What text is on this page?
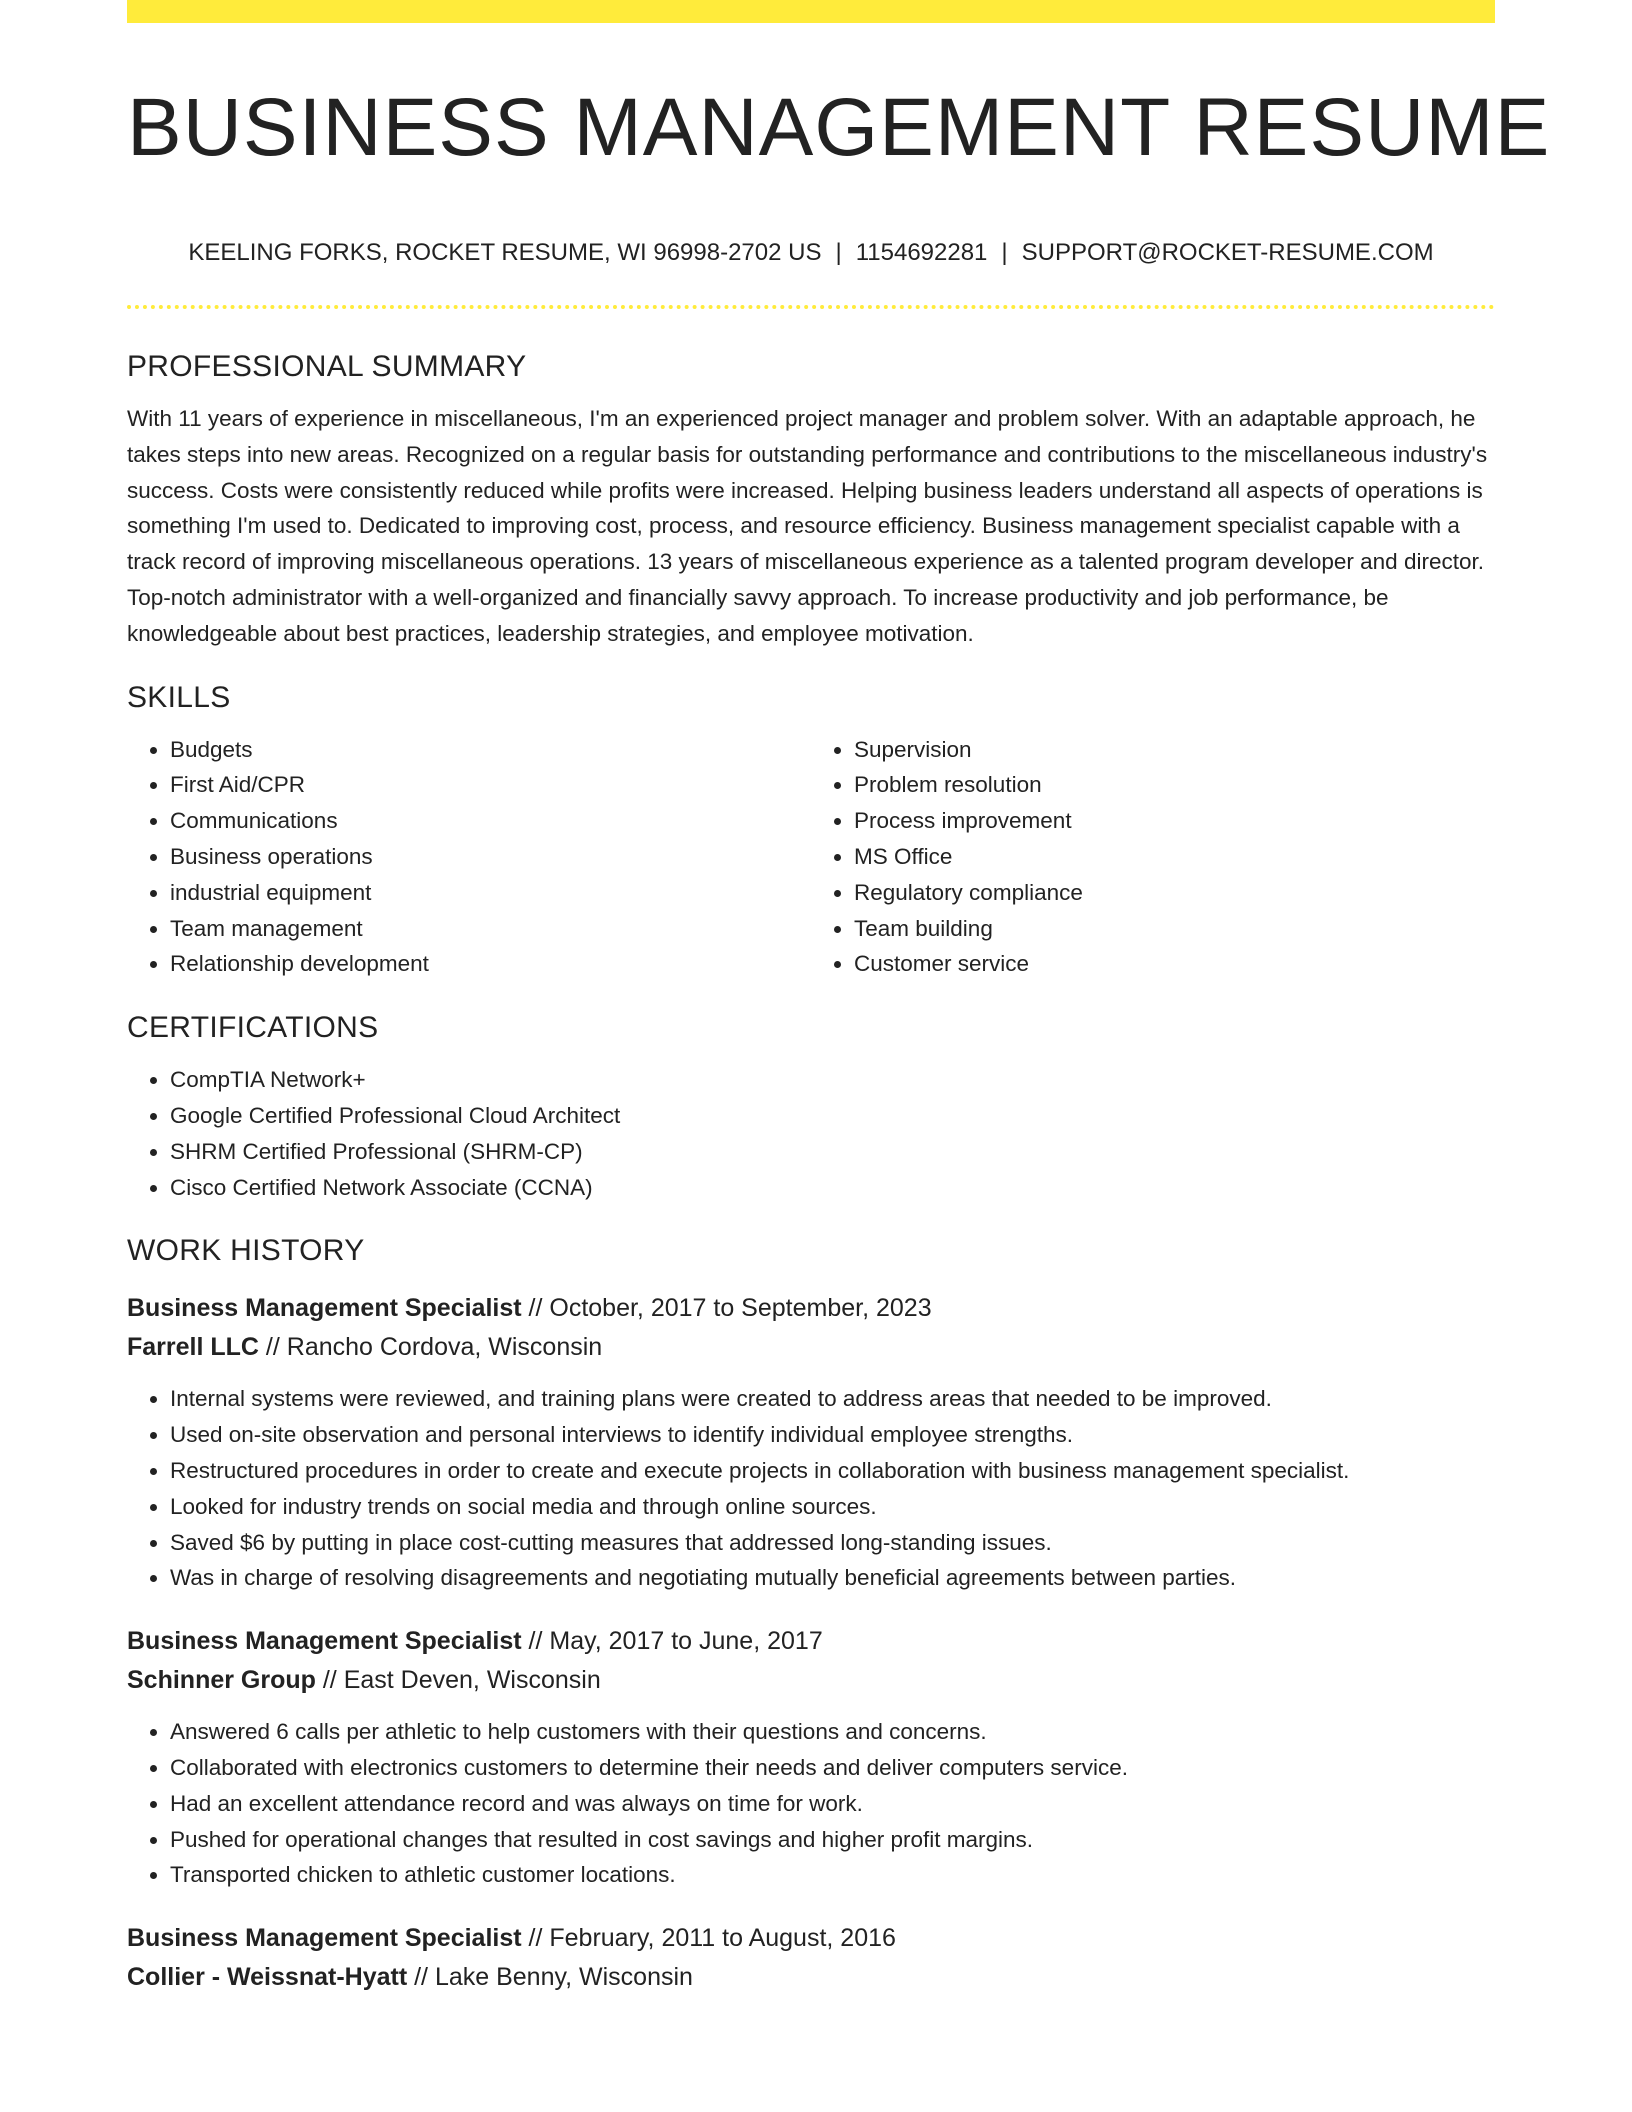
BUSINESS MANAGEMENT RESUME
KEELING FORKS, ROCKET RESUME, WI 96998-2702 US | 1154692281 | SUPPORT@ROCKET-RESUME.COM
PROFESSIONAL SUMMARY

With 11 years of experience in miscellaneous, I'm an experienced project manager and problem solver. With an adaptable approach, he takes steps into new areas. Recognized on a regular basis for outstanding performance and contributions to the miscellaneous industry's success. Costs were consistently reduced while profits were increased. Helping business leaders understand all aspects of operations is something I'm used to. Dedicated to improving cost, process, and resource efficiency. Business management specialist capable with a track record of improving miscellaneous operations. 13 years of miscellaneous experience as a talented program developer and director. Top-notch administrator with a well-organized and financially savvy approach. To increase productivity and job performance, be knowledgeable about best practices, leadership strategies, and employee motivation.

SKILLS
• Budgets
• First Aid/CPR
• Communications
• Business operations
• industrial equipment
• Team management
• Relationship development
• Supervision
• Problem resolution
• Process improvement
• MS Office
• Regulatory compliance
• Team building
• Customer service
CERTIFICATIONS
• CompTIA Network+
• Google Certified Professional Cloud Architect
• SHRM Certified Professional (SHRM-CP)
• Cisco Certified Network Associate (CCNA)
WORK HISTORY
Business Management Specialist // October, 2017 to September, 2023
Farrell LLC // Rancho Cordova, Wisconsin
• Internal systems were reviewed, and training plans were created to address areas that needed to be improved.
• Used on-site observation and personal interviews to identify individual employee strengths.
• Restructured procedures in order to create and execute projects in collaboration with business management specialist.
• Looked for industry trends on social media and through online sources.
• Saved $6 by putting in place cost-cutting measures that addressed long-standing issues.
• Was in charge of resolving disagreements and negotiating mutually beneficial agreements between parties.
Business Management Specialist // May, 2017 to June, 2017
Schinner Group // East Deven, Wisconsin
• Answered 6 calls per athletic to help customers with their questions and concerns.
• Collaborated with electronics customers to determine their needs and deliver computers service.
• Had an excellent attendance record and was always on time for work.
• Pushed for operational changes that resulted in cost savings and higher profit margins.
• Transported chicken to athletic customer locations.
Business Management Specialist // February, 2011 to August, 2016
Collier - Weissnat-Hyatt // Lake Benny, Wisconsin
